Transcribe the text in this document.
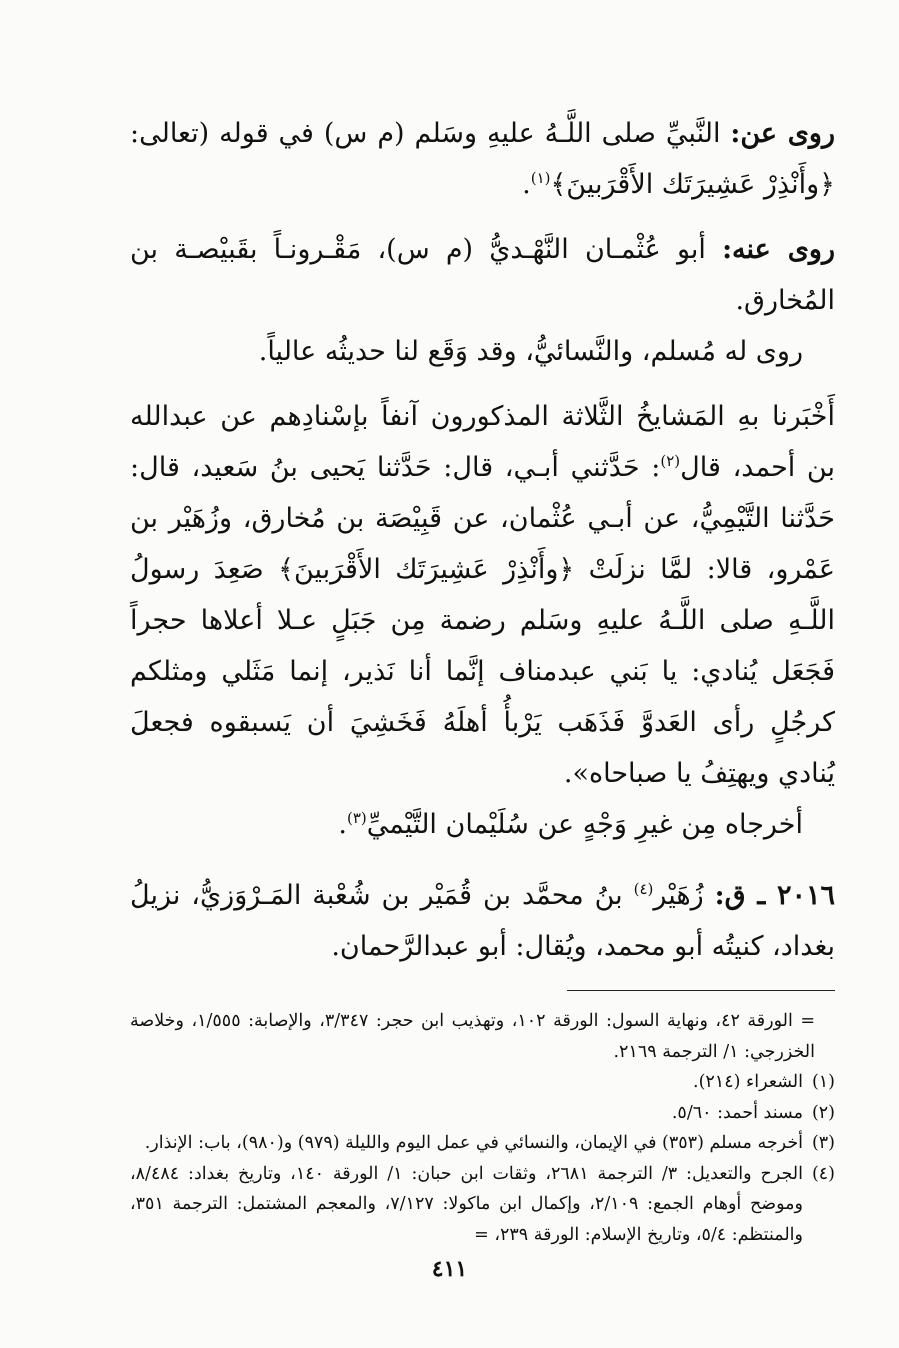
روى عن: النَّبيِّ صلى اللَّـهُ عليهِ وسَلم (م س) في قوله (تعالى: ﴿وأَنْذِرْ عَشِيرَتَك الأَقْرَبينَ﴾$^{(١)}$.

روى عنه: أبو عُثْمـان النَّهْـديُّ (م س)، مَقْـرونـاً بقَبيْصـة بن المُخارق.

روى له مُسلم، والنَّسائيُّ، وقد وَقَع لنا حديثُه عالياً.

أَخْبَرنا بهِ المَشايخُ الثَّلاثة المذكورون آنفاً بإسْنادِهم عن عبدالله بن أحمد، قال$^{(٢)}$: حَدَّثني أبـي، قال: حَدَّثنا يَحيى بنُ سَعيد، قال: حَدَّثنا التَّيْمِيُّ، عن أبـي عُثْمان، عن قَبِيْصَة بن مُخارق، وزُهَيْر بن عَمْرو، قالا: لمَّا نزلَتْ ﴿وأَنْذِرْ عَشِيرَتَك الأَقْرَبينَ﴾ صَعِدَ رسولُ اللَّـهِ صلى اللَّـهُ عليهِ وسَلم رضمة مِن جَبَلٍ عـلا أعلاها حجراً فَجَعَل يُنادي: يا بَني عبدمناف إنَّما أنا نَذير، إنما مَثَلي ومثلكم كرجُلٍ رأى العَدوَّ فَذَهَب يَرْبأُ أهلَهُ فَخَشِيَ أن يَسبقوه فجعلَ يُنادي ويهتِفُ يا صباحاه».

أخرجاه مِن غيرِ وَجْهٍ عن سُلَيْمان التَّيْميِّ$^{(٣)}$.

٢٠١٦ ـ ق: زُهَيْر$^{(٤)}$ بنُ محمَّد بن قُمَيْر بن شُعْبة المَـرْوَزيُّ، نزيلُ بغداد، كنيتُه أبو محمد، ويُقال: أبو عبدالرَّحمان.

= الورقة ٤٢، ونهاية السول: الورقة ١٠٢، وتهذيب ابن حجر: ٣/٣٤٧، والإصابة: ١/٥٥٥، وخلاصة الخزرجي: ١/ الترجمة ٢١٦٩.

(١)
الشعراء (٢١٤).

(٢)
مسند أحمد: ٥/٦٠.

(٣)
أخرجه مسلم (٣٥٣) في الإيمان، والنسائي في عمل اليوم والليلة (٩٧٩) و(٩٨٠)، باب: الإنذار.

(٤)
الجرح والتعديل: ٣/ الترجمة ٢٦٨١، وثقات ابن حبان: ١/ الورقة ١٤٠، وتاريخ بغداد: ٨/٤٨٤، وموضح أوهام الجمع: ٢/١٠٩، وإكمال ابن ماكولا: ٧/١٢٧، والمعجم المشتمل: الترجمة ٣٥١، والمنتظم: ٥/٤، وتاريخ الإسلام: الورقة ٢٣٩، =

٤١١
